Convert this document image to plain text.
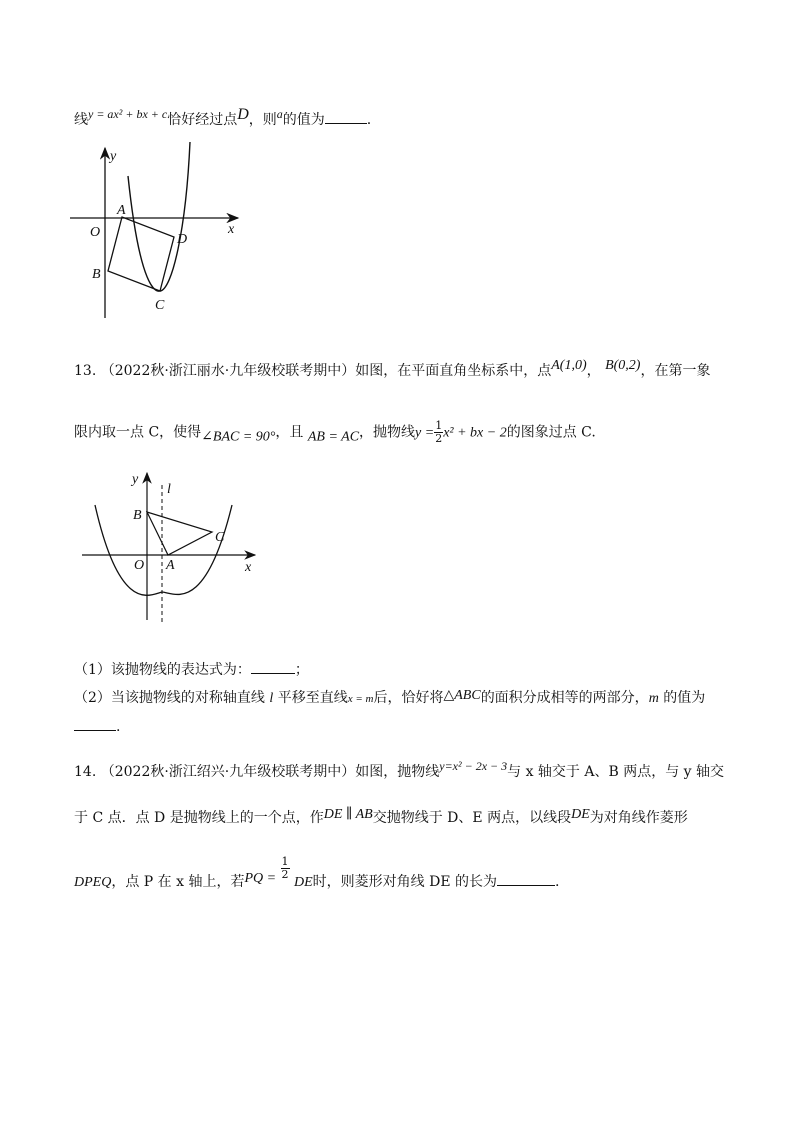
线y = ax² + bx + c恰好经过点D，则a的值为	.
y
x
O
A
B
C
D
13. （2022秋·浙江丽水·九年级校联考期中）如图，在平面直角坐标系中，点A(1,0)， B(0,2)，在第一象
限内取一点 C，使得∠BAC = 90°，且 AB = AC，抛物线$y = \frac{1}{2} x^2$ + bx − 2的图象过点 C.
y
x
l
B
C
O A
（1）该抛物线的表达式为：	；
（2）当该抛物线的对称轴直线 l 平移至直线x = m后，恰好将△ABC的面积分成相等的两部分，m 的值为
.
14. （2022秋·浙江绍兴·九年级校联考期中）如图，抛物线y=x² − 2x − 3与 x 轴交于 A、B 两点，与 y 轴交
于 C 点．点 D 是抛物线上的一个点，作DE ∥ AB交抛物线于 D、E 两点，以线段DE为对角线作菱形
DPEQ，点 P 在 x 轴上，若PQ = $\frac{1}{2}$
DE时，则菱形对角线 DE 的长为	.
